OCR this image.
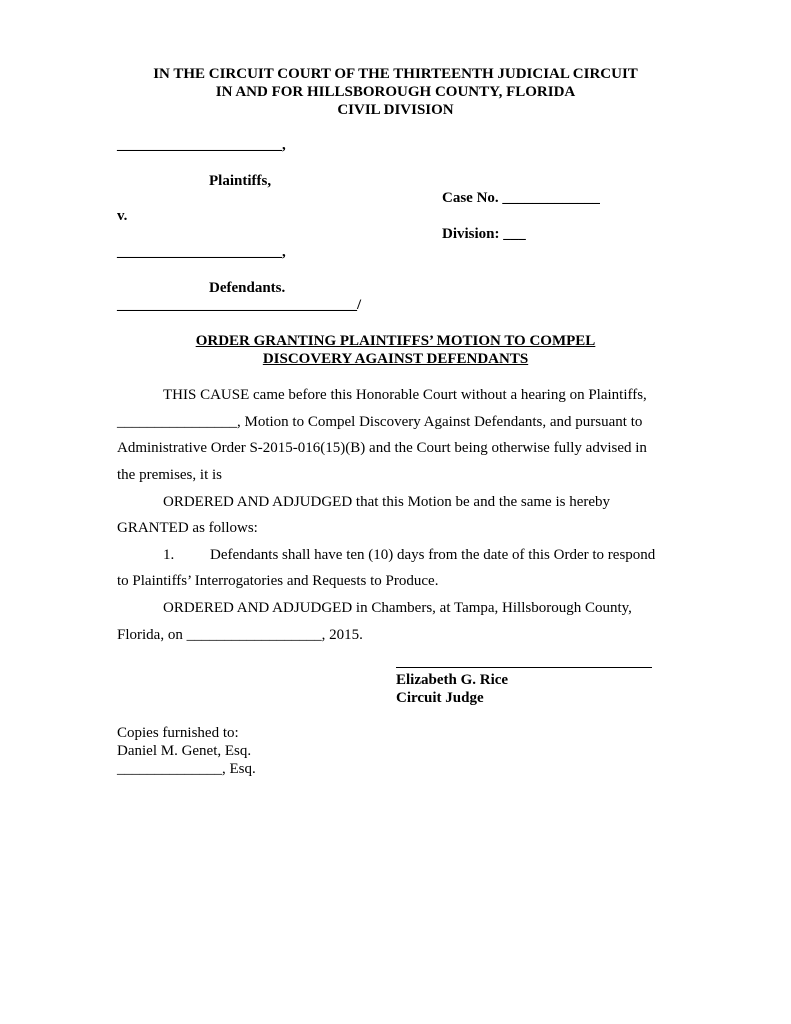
IN THE CIRCUIT COURT OF THE THIRTEENTH JUDICIAL CIRCUIT
IN AND FOR HILLSBOROUGH COUNTY, FLORIDA
CIVIL DIVISION
______________________,
Plaintiffs,
Case No. _____________
v.
Division: ___
______________________,
Defendants.
________________________________/
ORDER GRANTING PLAINTIFFS’ MOTION TO COMPEL
DISCOVERY AGAINST DEFENDANTS
THIS CAUSE came before this Honorable Court without a hearing on Plaintiffs,
________________, Motion to Compel Discovery Against Defendants, and pursuant to
Administrative Order S-2015-016(15)(B) and the Court being otherwise fully advised in
the premises, it is
ORDERED AND ADJUDGED that this Motion be and the same is hereby
GRANTED as follows:
1. Defendants shall have ten (10) days from the date of this Order to respond
to Plaintiffs’ Interrogatories and Requests to Produce.
ORDERED AND ADJUDGED in Chambers, at Tampa, Hillsborough County,
Florida, on __________________, 2015.
Elizabeth G. Rice
Circuit Judge
Copies furnished to:
Daniel M. Genet, Esq.
______________, Esq.
